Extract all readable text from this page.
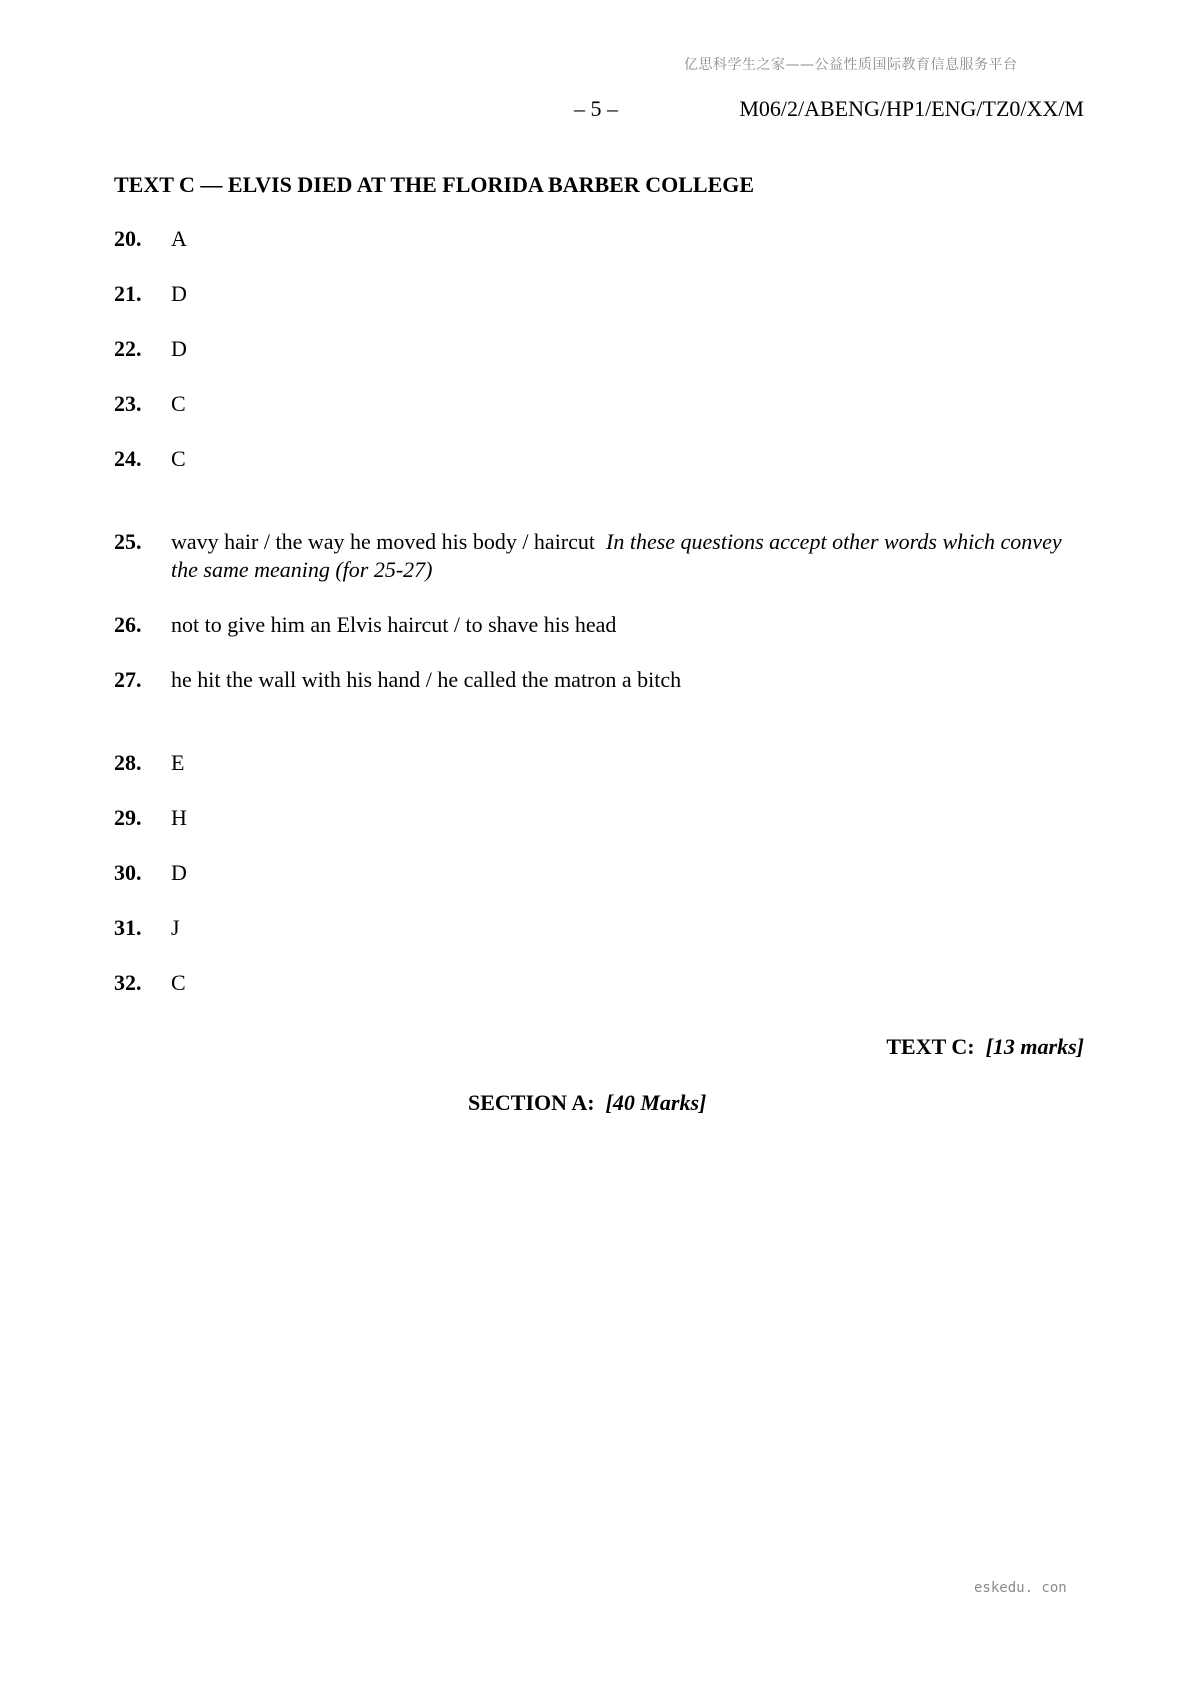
亿思科学生之家——公益性质国际教育信息服务平台
– 5 –	M06/2/ABENG/HP1/ENG/TZ0/XX/M
TEXT C — ELVIS DIED AT THE FLORIDA BARBER COLLEGE
20. A
21. D
22. D
23. C
24. C
25. wavy hair / the way he moved his body / haircut In these questions accept other words which convey the same meaning (for 25-27)
26. not to give him an Elvis haircut / to shave his head
27. he hit the wall with his hand / he called the matron a bitch
28. E
29. H
30. D
31. J
32. C
TEXT C: [13 marks]
SECTION A: [40 Marks]
eskedu. con
